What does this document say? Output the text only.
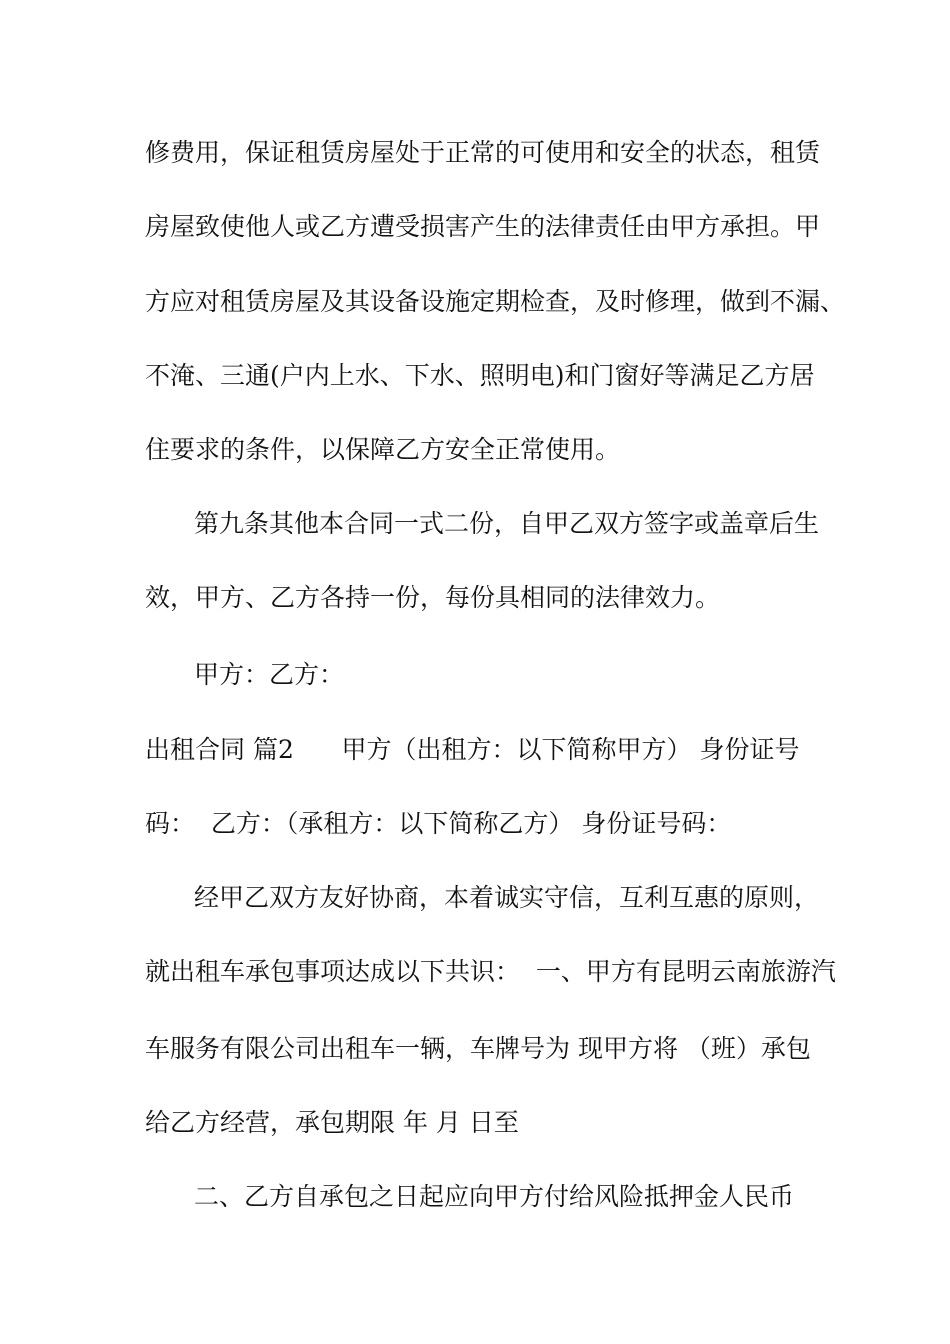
修费用，保证租赁房屋处于正常的可使用和安全的状态，租赁

房屋致使他人或乙方遭受损害产生的法律责任由甲方承担。甲

方应对租赁房屋及其设备设施定期检查，及时修理，做到不漏、

不淹、三通(户内上水、下水、照明电)和门窗好等满足乙方居

住要求的条件，以保障乙方安全正常使用。

第九条其他本合同一式二份，自甲乙双方签字或盖章后生

效，甲方、乙方各持一份，每份具相同的法律效力。

甲方：乙方：

出租合同 篇2      甲方（出租方：以下简称甲方） 身份证号

码：  乙方：（承租方：以下简称乙方） 身份证号码：

经甲乙双方友好协商，本着诚实守信，互利互惠的原则，

就出租车承包事项达成以下共识：  一、甲方有昆明云南旅游汽

车服务有限公司出租车一辆，车牌号为 现甲方将 （班）承包

给乙方经营，承包期限 年 月 日至

二、乙方自承包之日起应向甲方付给风险抵押金人民币
